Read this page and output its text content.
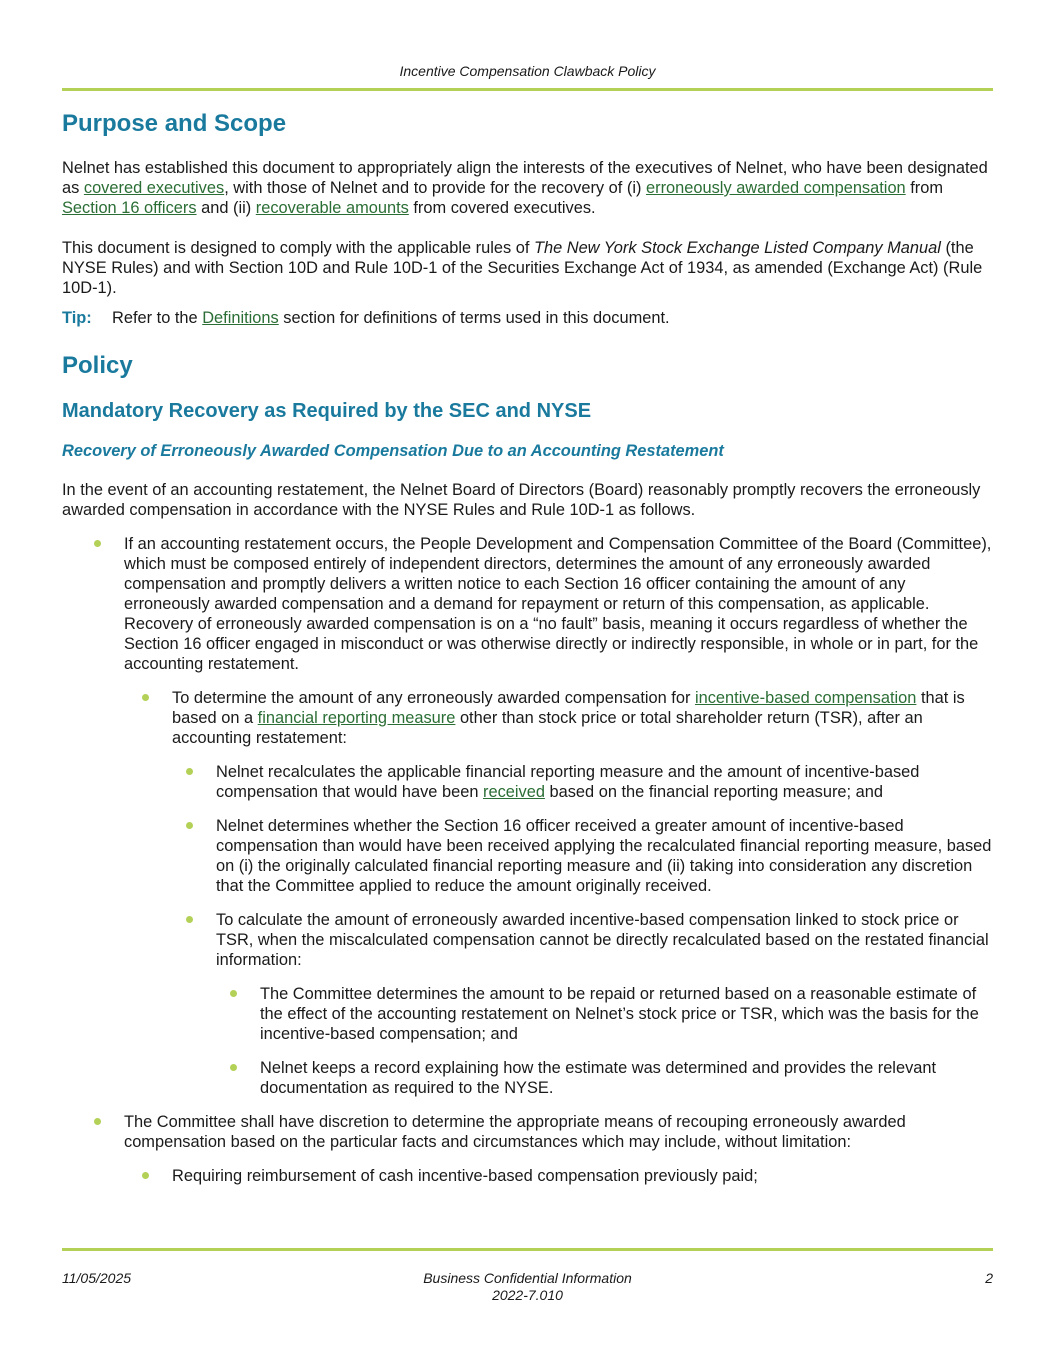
Incentive Compensation Clawback Policy
Purpose and Scope

Nelnet has established this document to appropriately align the interests of the executives of Nelnet, who have been designated as covered executives, with those of Nelnet and to provide for the recovery of (i) erroneously awarded compensation from Section 16 officers and (ii) recoverable amounts from covered executives.

This document is designed to comply with the applicable rules of The New York Stock Exchange Listed Company Manual (the NYSE Rules) and with Section 10D and Rule 10D-1 of the Securities Exchange Act of 1934, as amended (Exchange Act) (Rule 10D-1).

Tip: Refer to the Definitions section for definitions of terms used in this document.

Policy
Mandatory Recovery as Required by the SEC and NYSE
Recovery of Erroneously Awarded Compensation Due to an Accounting Restatement

In the event of an accounting restatement, the Nelnet Board of Directors (Board) reasonably promptly recovers the erroneously awarded compensation in accordance with the NYSE Rules and Rule 10D-1 as follows.

If an accounting restatement occurs, the People Development and Compensation Committee of the Board (Committee), which must be composed entirely of independent directors, determines the amount of any erroneously awarded compensation and promptly delivers a written notice to each Section 16 officer containing the amount of any erroneously awarded compensation and a demand for repayment or return of this compensation, as applicable. Recovery of erroneously awarded compensation is on a “no fault” basis, meaning it occurs regardless of whether the Section 16 officer engaged in misconduct or was otherwise directly or indirectly responsible, in whole or in part, for the accounting restatement.
To determine the amount of any erroneously awarded compensation for incentive-based compensation that is based on a financial reporting measure other than stock price or total shareholder return (TSR), after an accounting restatement:
Nelnet recalculates the applicable financial reporting measure and the amount of incentive-based compensation that would have been received based on the financial reporting measure; and
Nelnet determines whether the Section 16 officer received a greater amount of incentive-based compensation than would have been received applying the recalculated financial reporting measure, based on (i) the originally calculated financial reporting measure and (ii) taking into consideration any discretion that the Committee applied to reduce the amount originally received.
To calculate the amount of erroneously awarded incentive-based compensation linked to stock price or TSR, when the miscalculated compensation cannot be directly recalculated based on the restated financial information:
The Committee determines the amount to be repaid or returned based on a reasonable estimate of the effect of the accounting restatement on Nelnet’s stock price or TSR, which was the basis for the incentive-based compensation; and
Nelnet keeps a record explaining how the estimate was determined and provides the relevant documentation as required to the NYSE.
The Committee shall have discretion to determine the appropriate means of recouping erroneously awarded compensation based on the particular facts and circumstances which may include, without limitation:
Requiring reimbursement of cash incentive-based compensation previously paid;
11/05/2025	Business Confidential Information
2022-7.010
2
